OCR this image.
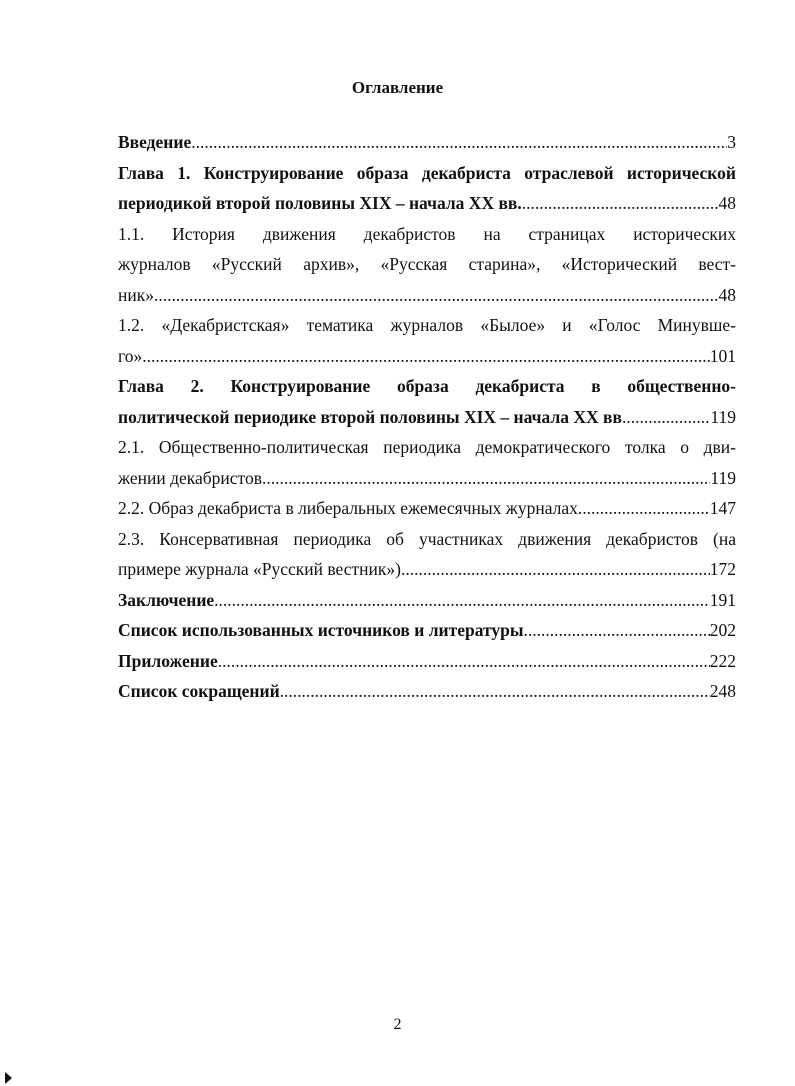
Оглавление
Введение .....	3
Глава 1. Конструирование образа декабриста отраслевой исторической
периодикой второй половины XIX – начала XX вв. .....	48
1.1. История движения декабристов на страницах исторических
журналов «Русский архив», «Русская старина», «Исторический вест-
ник» .....	48
1.2. «Декабристская» тематика журналов «Былое» и «Голос Минувше-
го» .....	101
Глава 2. Конструирование образа декабриста в общественно-
политической периодике второй половины XIX – начала XX вв .....	119
2.1. Общественно-политическая периодика демократического толка о дви-
жении декабристов .....	119
2.2. Образ декабриста в либеральных ежемесячных журналах .....	147
2.3. Консервативная периодика об участниках движения декабристов (на
примере журнала «Русский вестник») .....	172
Заключение .....	191
Список использованных источников и литературы .....	202
Приложение .....	222
Список сокращений .....	248
2
